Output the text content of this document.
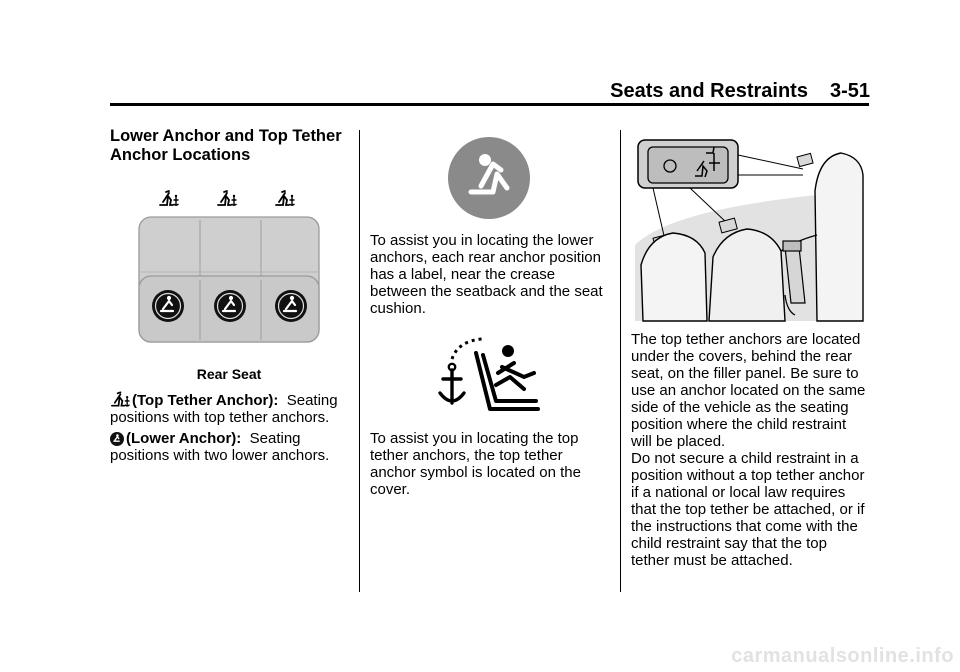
Seats and Restraints 3-51
Lower Anchor and Top Tether Anchor Locations
Rear Seat
(Top Tether Anchor): Seating positions with top tether anchors.
(Lower Anchor): Seating positions with two lower anchors.
To assist you in locating the lower anchors, each rear anchor position has a label, near the crease between the seatback and the seat cushion.
To assist you in locating the top tether anchors, the top tether anchor symbol is located on the cover.
The top tether anchors are located under the covers, behind the rear seat, on the filler panel. Be sure to use an anchor located on the same side of the vehicle as the seating position where the child restraint will be placed.
Do not secure a child restraint in a position without a top tether anchor if a national or local law requires that the top tether be attached, or if the instructions that come with the child restraint say that the top tether must be attached.
carmanualsonline.info
